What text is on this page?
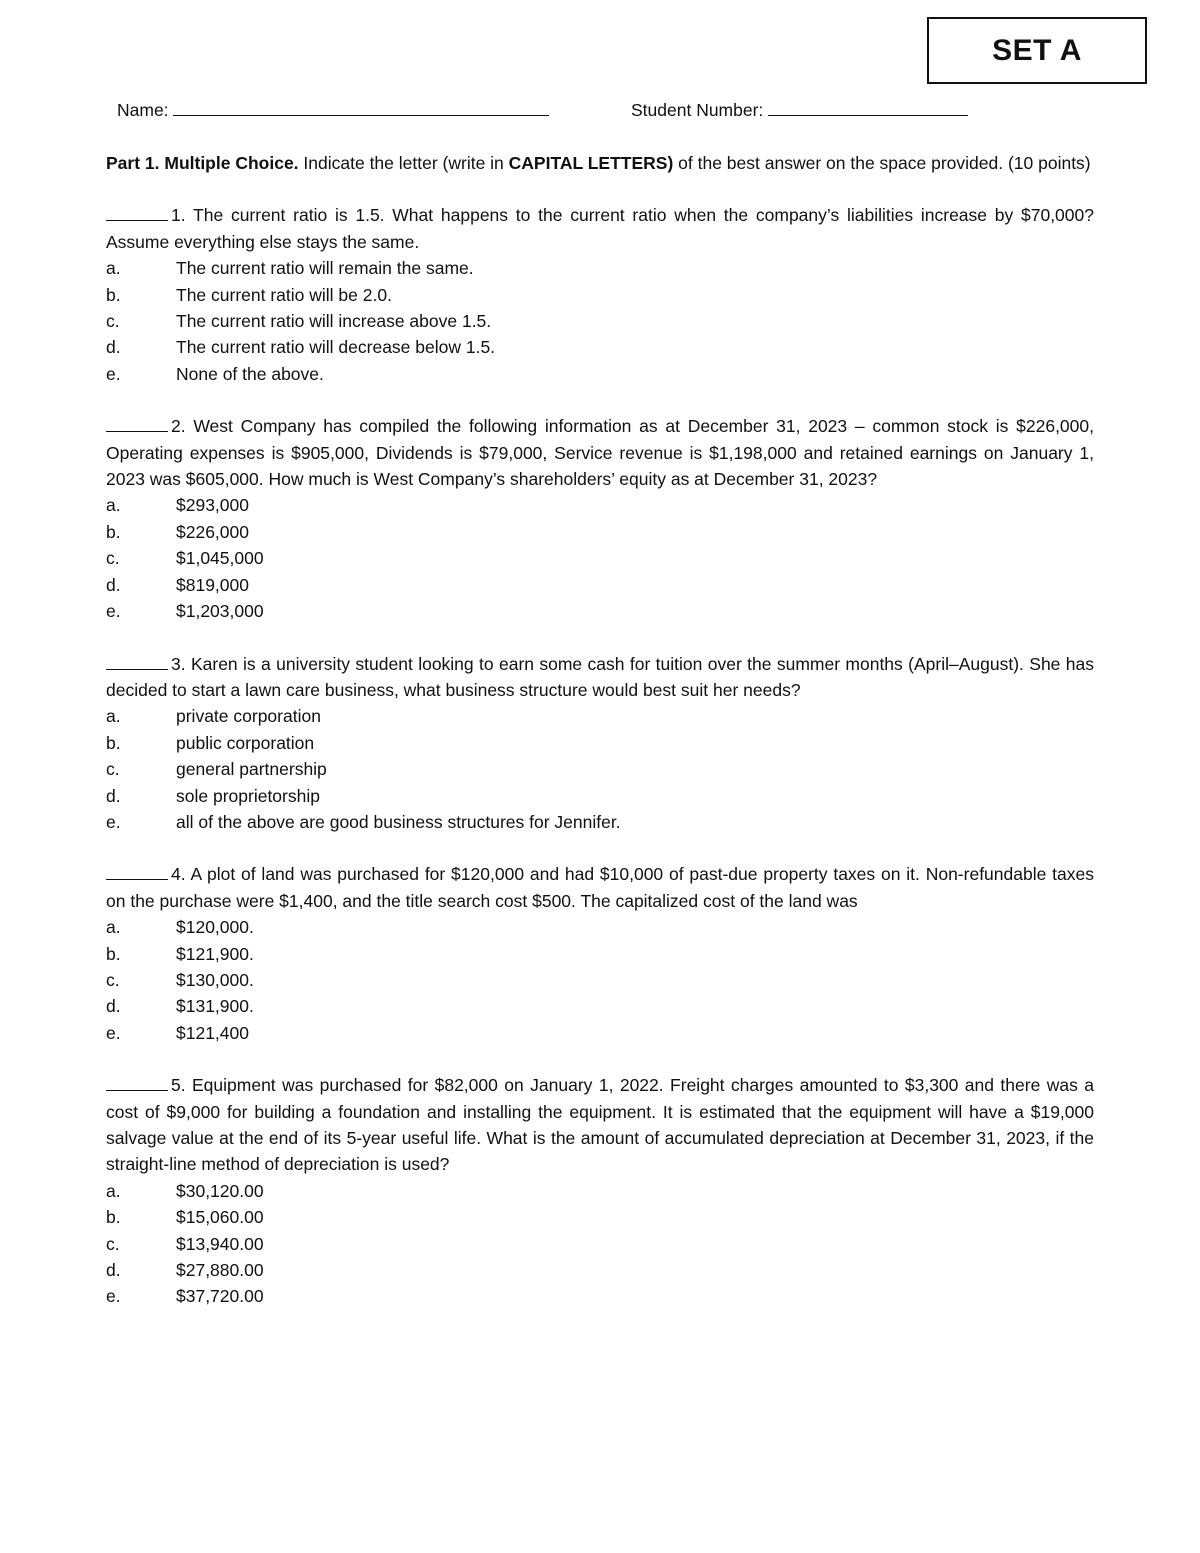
SET A
Name:	Student Number:

Part 1. Multiple Choice. Indicate the letter (write in CAPITAL LETTERS) of the best answer on the space provided. (10 points)

1. The current ratio is 1.5. What happens to the current ratio when the company’s liabilities increase by $70,000? Assume everything else stays the same.
a.	The current ratio will remain the same.
b.	The current ratio will be 2.0.
c.	The current ratio will increase above 1.5.
d.	The current ratio will decrease below 1.5.
e.	None of the above.
2. West Company has compiled the following information as at December 31, 2023 – common stock is $226,000, Operating expenses is $905,000, Dividends is $79,000, Service revenue is $1,198,000 and retained earnings on January 1, 2023 was $605,000. How much is West Company’s shareholders’ equity as at December 31, 2023?
a.	$293,000
b.	$226,000
c.	$1,045,000
d.	$819,000
e.	$1,203,000
3. Karen is a university student looking to earn some cash for tuition over the summer months (April–August). She has decided to start a lawn care business, what business structure would best suit her needs?
a.	private corporation
b.	public corporation
c.	general partnership
d.	sole proprietorship
e.	all of the above are good business structures for Jennifer.
4. A plot of land was purchased for $120,000 and had $10,000 of past-due property taxes on it. Non-refundable taxes on the purchase were $1,400, and the title search cost $500. The capitalized cost of the land was
a.	$120,000.
b.	$121,900.
c.	$130,000.
d.	$131,900.
e.	$121,400
5. Equipment was purchased for $82,000 on January 1, 2022. Freight charges amounted to $3,300 and there was a cost of $9,000 for building a foundation and installing the equipment. It is estimated that the equipment will have a $19,000 salvage value at the end of its 5-year useful life. What is the amount of accumulated depreciation at December 31, 2023, if the straight-line method of depreciation is used?
a.	$30,120.00
b.	$15,060.00
c.	$13,940.00
d.	$27,880.00
e.	$37,720.00
